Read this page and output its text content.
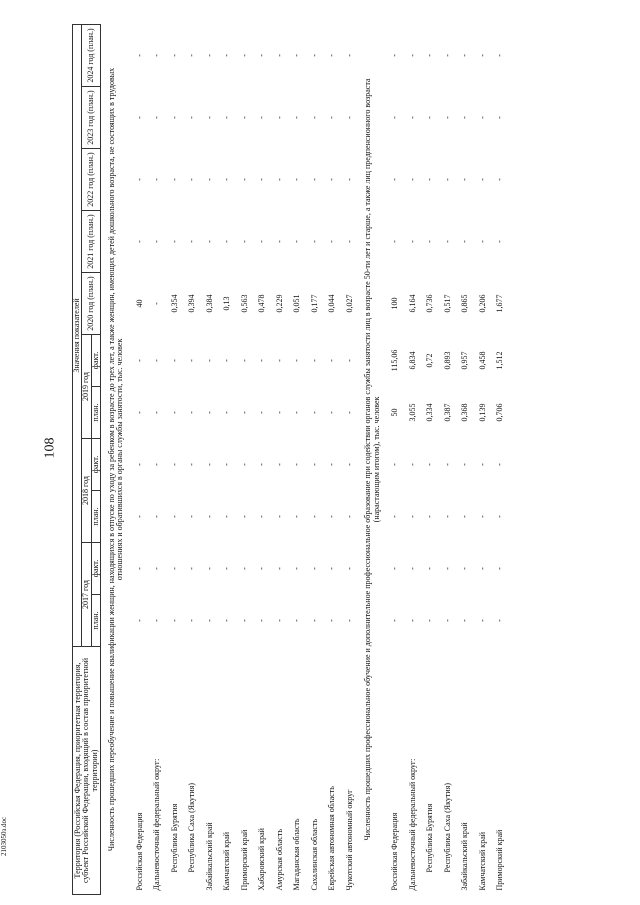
108
2103050з.doc	Территория (Российская Федерация, приоритетная территория, субъект Российской Федерации, входящий в состав приоритетной территории)	Значения показателей										
	2017 год		2018 год		2019 год		2020 год (план.)	2021 год (план.)	2022 год (план.)	2023 год (план.)	2024 год (план.)
	план.	факт.	план.	факт.	план.	факт.					
Численность прошедших переобучение и повышение квалификации женщин, находящихся в отпуске по уходу за ребенком в возрасте до трех лет, а также женщин, имеющих детей дошкольного возраста, не состоящих в трудовых отношениях и обратившихся в органы службы занятости, тыс. человек											
Российская Федерация	-	-	-	-	-	-	40	-	-	-	-
Дальневосточный федеральный округ:	-	-	-	-	-	-	-	-	-	-	-
Республика Бурятия	-	-	-	-	-	-	0,354	-	-	-	-
Республика Саха (Якутия)	-	-	-	-	-	-	0,394	-	-	-	-
Забайкальский край	-	-	-	-	-	-	0,384	-	-	-	-
Камчатский край	-	-	-	-	-	-	0,13	-	-	-	-
Приморский край	-	-	-	-	-	-	0,563	-	-	-	-
Хабаровский край	-	-	-	-	-	-	0,478	-	-	-	-
Амурская область	-	-	-	-	-	-	0,229	-	-	-	-
Магаданская область	-	-	-	-	-	-	0,051	-	-	-	-
Сахалинская область	-	-	-	-	-	-	0,177	-	-	-	-
Еврейская автономная область	-	-	-	-	-	-	0,044	-	-	-	-
Чукотский автономный округ	-	-	-	-	-	-	0,027	-	-	-	-
Численность прошедших профессиональное обучение и дополнительное профессиональное образование при содействии органов службы занятости лиц в возрасте 50-ти лет и старше, а также лиц предпенсионного возраста (нарастающим итогом), тыс. человек											
Российская Федерация	-	-	-	-	50	115,06	100	-	-	-	-
Дальневосточный федеральный округ:	-	-	-	-	3,055	6,834	6,164	-	-	-	-
Республика Бурятия	-	-	-	-	0,334	0,72	0,736	-	-	-	-
Республика Саха (Якутия)	-	-	-	-	0,387	0,893	0,517	-	-	-	-
Забайкальский край	-	-	-	-	0,368	0,957	0,865	-	-	-	-
Камчатский край	-	-	-	-	0,139	0,458	0,206	-	-	-	-
Приморский край	-	-	-	-	0,706	1,512	1,677	-	-	-	-
